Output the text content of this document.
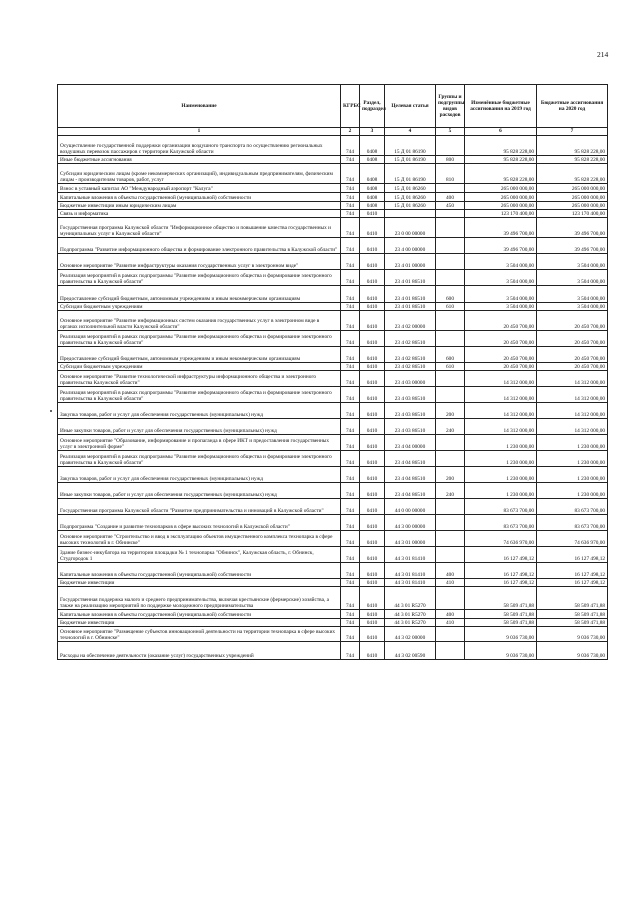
214
Наименование	КГРБС	Раздел, подраздел	Целевая статья	Группы и подгруппы видов расходов	Изменённые бюджетные ассигнования на 2019 год	Бюджетные ассигнования на 2020 год
1	2	3	4	5	6	7
Осуществление государственной поддержки организации воздушного транспорта по осуществлению региональных воздушных перевозок пассажиров с территории Калужской области	744	0408	15 Д 01 86190		95 828 228,00	95 828 228,00
Иные бюджетные ассигнования	744	0408	15 Д 01 86190	800	95 828 228,00	95 828 228,00
Субсидии юридическим лицам (кроме некоммерческих организаций), индивидуальным предпринимателям, физическим лицам - производителям товаров, работ, услуг	744	0408	15 Д 01 86190	810	95 828 228,00	95 828 228,00
Взнос в уставный капитал АО "Международный аэропорт "Калуга"	744	0408	15 Д 01 86260		265 000 000,00	265 000 000,00
Капитальные вложения в объекты государственной (муниципальной) собственности	744	0408	15 Д 01 86260	400	265 000 000,00	265 000 000,00
Бюджетные инвестиции иным юридическим лицам	744	0408	15 Д 01 86260	450	265 000 000,00	265 000 000,00
Связь и информатика	744	0410			123 170 400,00	123 170 400,00
Государственная программа Калужской области "Информационное общество и повышение качества государственных и муниципальных услуг в Калужской области"	744	0410	23 0 00 00000		39 496 700,00	39 496 700,00
Подпрограмма "Развитие информационного общества и формирование электронного правительства в Калужской области"	744	0410	23 4 00 00000		39 496 700,00	39 496 700,00
Основное мероприятие "Развитие инфраструктуры оказания государственных услуг в электронном виде"	744	0410	23 4 01 00000		3 504 000,00	3 504 000,00
Реализация мероприятий в рамках подпрограммы "Развитие информационного общества и формирование электронного правительства в Калужской области"	744	0410	23 4 01 86510		3 504 000,00	3 504 000,00
Предоставление субсидий бюджетным, автономным учреждениям и иным некоммерческим организациям	744	0410	23 4 01 86510	600	3 504 000,00	3 504 000,00
Субсидии бюджетным учреждениям	744	0410	23 4 01 86510	610	3 504 000,00	3 504 000,00
Основное мероприятие "Развитие информационных систем оказания государственных услуг в электронном виде в органах исполнительной власти Калужской области"	744	0410	23 4 02 00000		20 450 700,00	20 450 700,00
Реализация мероприятий в рамках подпрограммы "Развитие информационного общества и формирование электронного правительства в Калужской области"	744	0410	23 4 02 86510		20 450 700,00	20 450 700,00
Предоставление субсидий бюджетным, автономным учреждениям и иным некоммерческим организациям	744	0410	23 4 02 86510	600	20 450 700,00	20 450 700,00
Субсидии бюджетным учреждениям	744	0410	23 4 02 86510	610	20 450 700,00	20 450 700,00
Основное мероприятие "Развитие технологической инфраструктуры информационного общества и электронного правительства Калужской области"	744	0410	23 4 03 00000		14 312 000,00	14 312 000,00
Реализация мероприятий в рамках подпрограммы "Развитие информационного общества и формирование электронного правительства в Калужской области"	744	0410	23 4 03 86510		14 312 000,00	14 312 000,00
Закупка товаров, работ и услуг для обеспечения государственных (муниципальных) нужд	744	0410	23 4 03 86510	200	14 312 000,00	14 312 000,00
Иные закупки товаров, работ и услуг для обеспечения государственных (муниципальных) нужд	744	0410	23 4 03 86510	240	14 312 000,00	14 312 000,00
Основное мероприятие "Образование, информирование и пропаганда в сфере ИКТ и предоставления государственных услуг в электронной форме"	744	0410	23 4 04 00000		1 230 000,00	1 230 000,00
Реализация мероприятий в рамках подпрограммы "Развитие информационного общества и формирование электронного правительства в Калужской области"	744	0410	23 4 04 86510		1 230 000,00	1 230 000,00
Закупка товаров, работ и услуг для обеспечения государственных (муниципальных) нужд	744	0410	23 4 04 86510	200	1 230 000,00	1 230 000,00
Иные закупки товаров, работ и услуг для обеспечения государственных (муниципальных) нужд	744	0410	23 4 04 86510	240	1 230 000,00	1 230 000,00
Государственная программа Калужской области "Развитие предпринимательства и инноваций в Калужской области"	744	0410	44 0 00 00000		83 673 700,00	83 673 700,00
Подпрограмма "Создание и развитие технопарков в сфере высоких технологий в Калужской области"	744	0410	44 3 00 00000		83 673 700,00	83 673 700,00
Основное мероприятие "Строительство и ввод в эксплуатацию объектов имущественного комплекса технопарка в сфере высоких технологий в г. Обнинске"	744	0410	44 3 01 00000		74 636 970,00	74 636 970,00
Здание бизнес-инкубатора на территории площадки № 1 технопарка "Обнинск", Калужская область, г. Обнинск, Студгородок 1	744	0410	44 3 01 81410		16 127 498,12	16 127 498,12
Капитальные вложения в объекты государственной (муниципальной) собственности	744	0410	44 3 01 81410	400	16 127 498,12	16 127 498,12
Бюджетные инвестиции	744	0410	44 3 01 81410	410	16 127 498,12	16 127 498,12
Государственная поддержка малого и среднего предпринимательства, включая крестьянские (фермерские) хозяйства, а также на реализацию мероприятий по поддержке молодежного предпринимательства	744	0410	44 3 01 R5270		58 509 471,88	58 509 471,88
Капитальные вложения в объекты государственной (муниципальной) собственности	744	0410	44 3 01 R5270	400	58 509 471,88	58 509 471,88
Бюджетные инвестиции	744	0410	44 3 01 R5270	410	58 509 471,88	58 509 471,88
Основное мероприятие "Размещение субъектов инновационной деятельности на территории технопарка в сфере высоких технологий в г. Обнинске"	744	0410	44 3 02 00000		9 036 730,00	9 036 730,00
Расходы на обеспечение деятельности (оказание услуг) государственных учреждений	744	0410	44 3 02 00590		9 036 730,00	9 036 730,00
